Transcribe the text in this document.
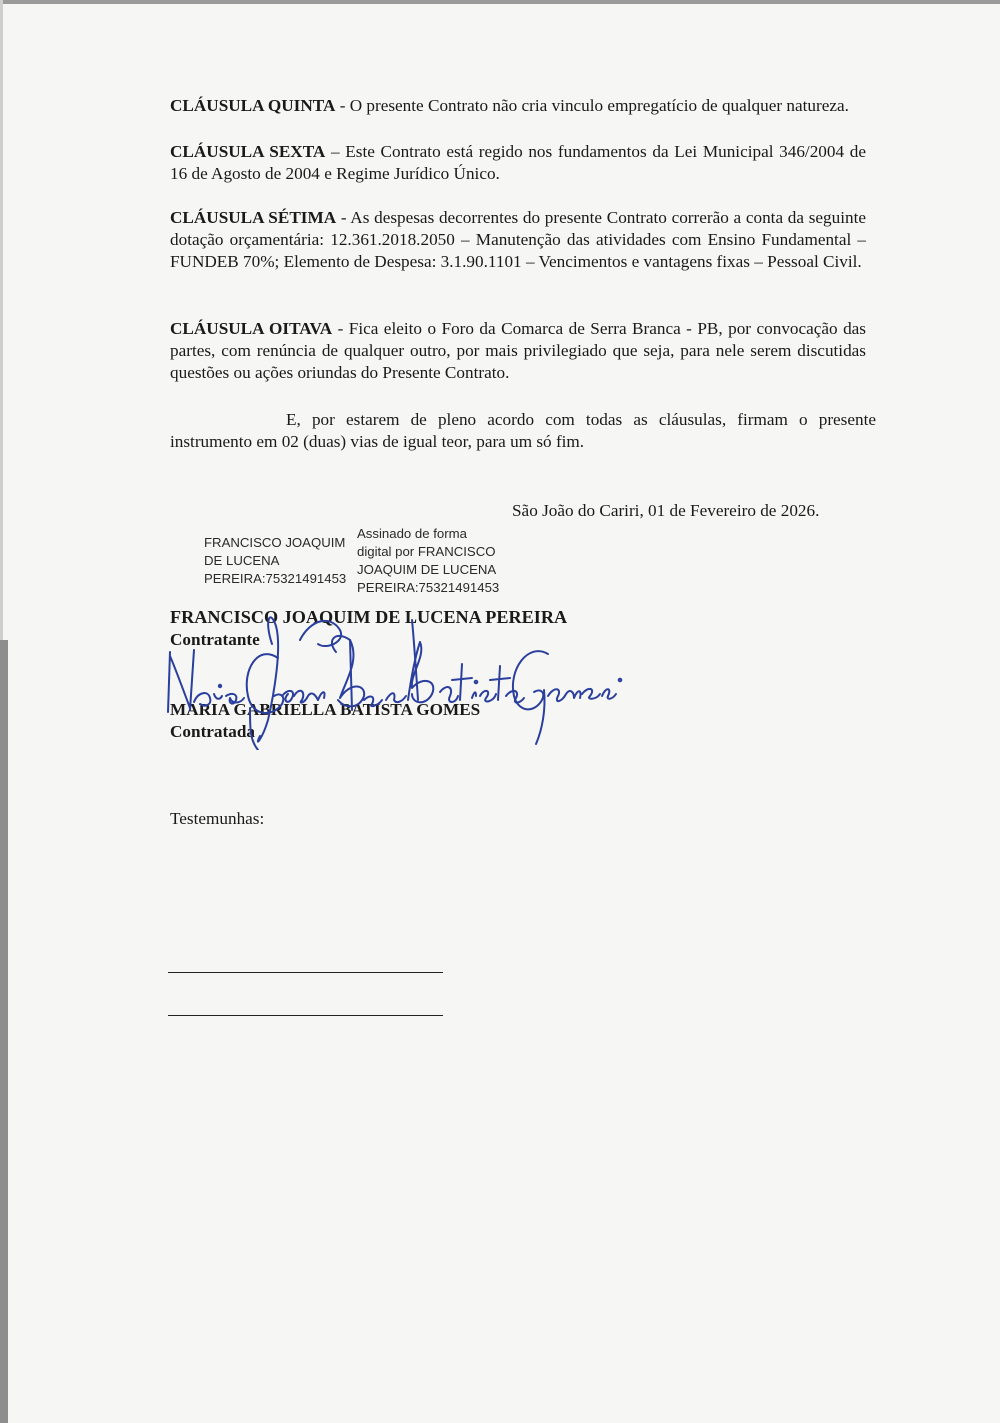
CLÁUSULA QUINTA - O presente Contrato não cria vinculo empregatício de qualquer natureza.

CLÁUSULA SEXTA – Este Contrato está regido nos fundamentos da Lei Municipal 346/2004 de 16 de Agosto de 2004 e Regime Jurídico Único.

CLÁUSULA SÉTIMA - As despesas decorrentes do presente Contrato correrão a conta da seguinte dotação orçamentária: 12.361.2018.2050 – Manutenção das atividades com Ensino Fundamental – FUNDEB 70%; Elemento de Despesa: 3.1.90.1101 – Vencimentos e vantagens fixas – Pessoal Civil.

CLÁUSULA OITAVA - Fica eleito o Foro da Comarca de Serra Branca - PB, por convocação das partes, com renúncia de qualquer outro, por mais privilegiado que seja, para nele serem discutidas questões ou ações oriundas do Presente Contrato.

E, por estarem de pleno acordo com todas as cláusulas, firmam o presente instrumento em 02 (duas) vias de igual teor, para um só fim.

São João do Cariri, 01 de Fevereiro de 2026.
FRANCISCO JOAQUIM
DE LUCENA
PEREIRA:75321491453
Assinado de forma
digital por FRANCISCO
JOAQUIM DE LUCENA
PEREIRA:75321491453
FRANCISCO JOAQUIM DE LUCENA PEREIRA
Contratante
MARIA GABRIELLA BATISTA GOMES
Contratada
Testemunhas:
